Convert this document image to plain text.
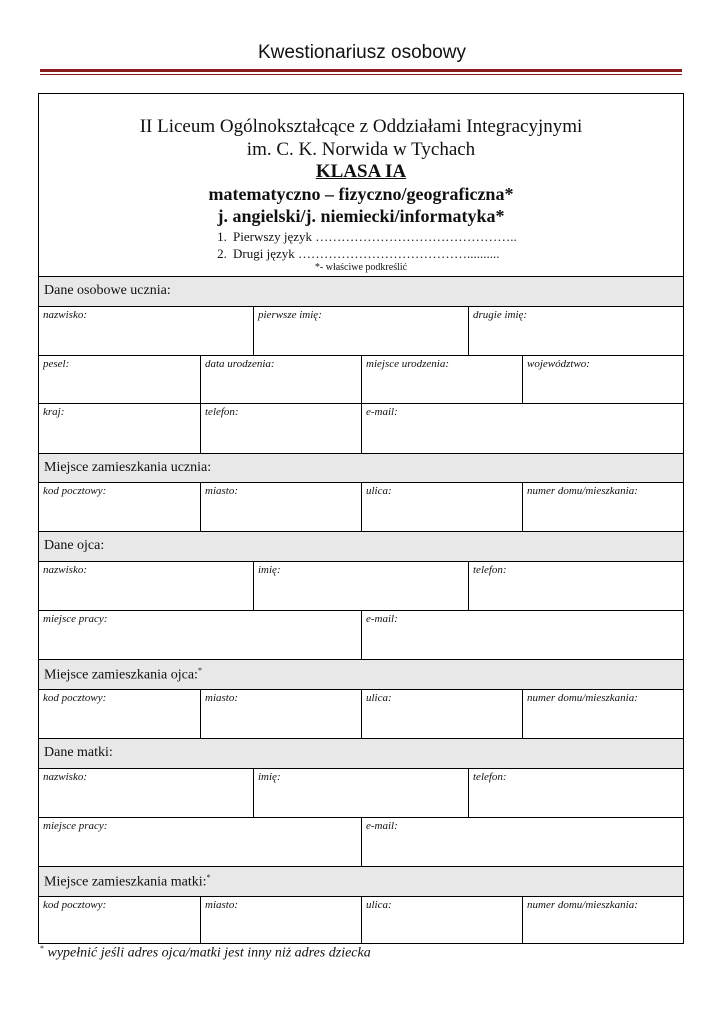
Kwestionariusz osobowy
II Liceum Ogólnokształcące z Oddziałami Integracyjnymi
im. C. K. Norwida w Tychach
KLASA IA
matematyczno – fizyczno/geograficzna*
j. angielski/j. niemiecki/informatyka*
1. Pierwszy język ………………………………………..
2. Drugi język …………………………………..........
*- właściwe podkreślić
Dane osobowe ucznia:
nazwisko:	pierwsze imię:	drugie imię:
pesel:	data urodzenia:	miejsce urodzenia:	województwo:
kraj:	telefon:	e-mail:
Miejsce zamieszkania ucznia:
kod pocztowy:	miasto:	ulica:	numer domu/mieszkania:
Dane ojca:
nazwisko:	imię:	telefon:
miejsce pracy:	e-mail:
Miejsce zamieszkania ojca:*
kod pocztowy:	miasto:	ulica:	numer domu/mieszkania:
Dane matki:
nazwisko:	imię:	telefon:
miejsce pracy:	e-mail:
Miejsce zamieszkania matki:*
kod pocztowy:	miasto:	ulica:	numer domu/mieszkania:
* wypełnić jeśli adres ojca/matki jest inny niż adres dziecka
